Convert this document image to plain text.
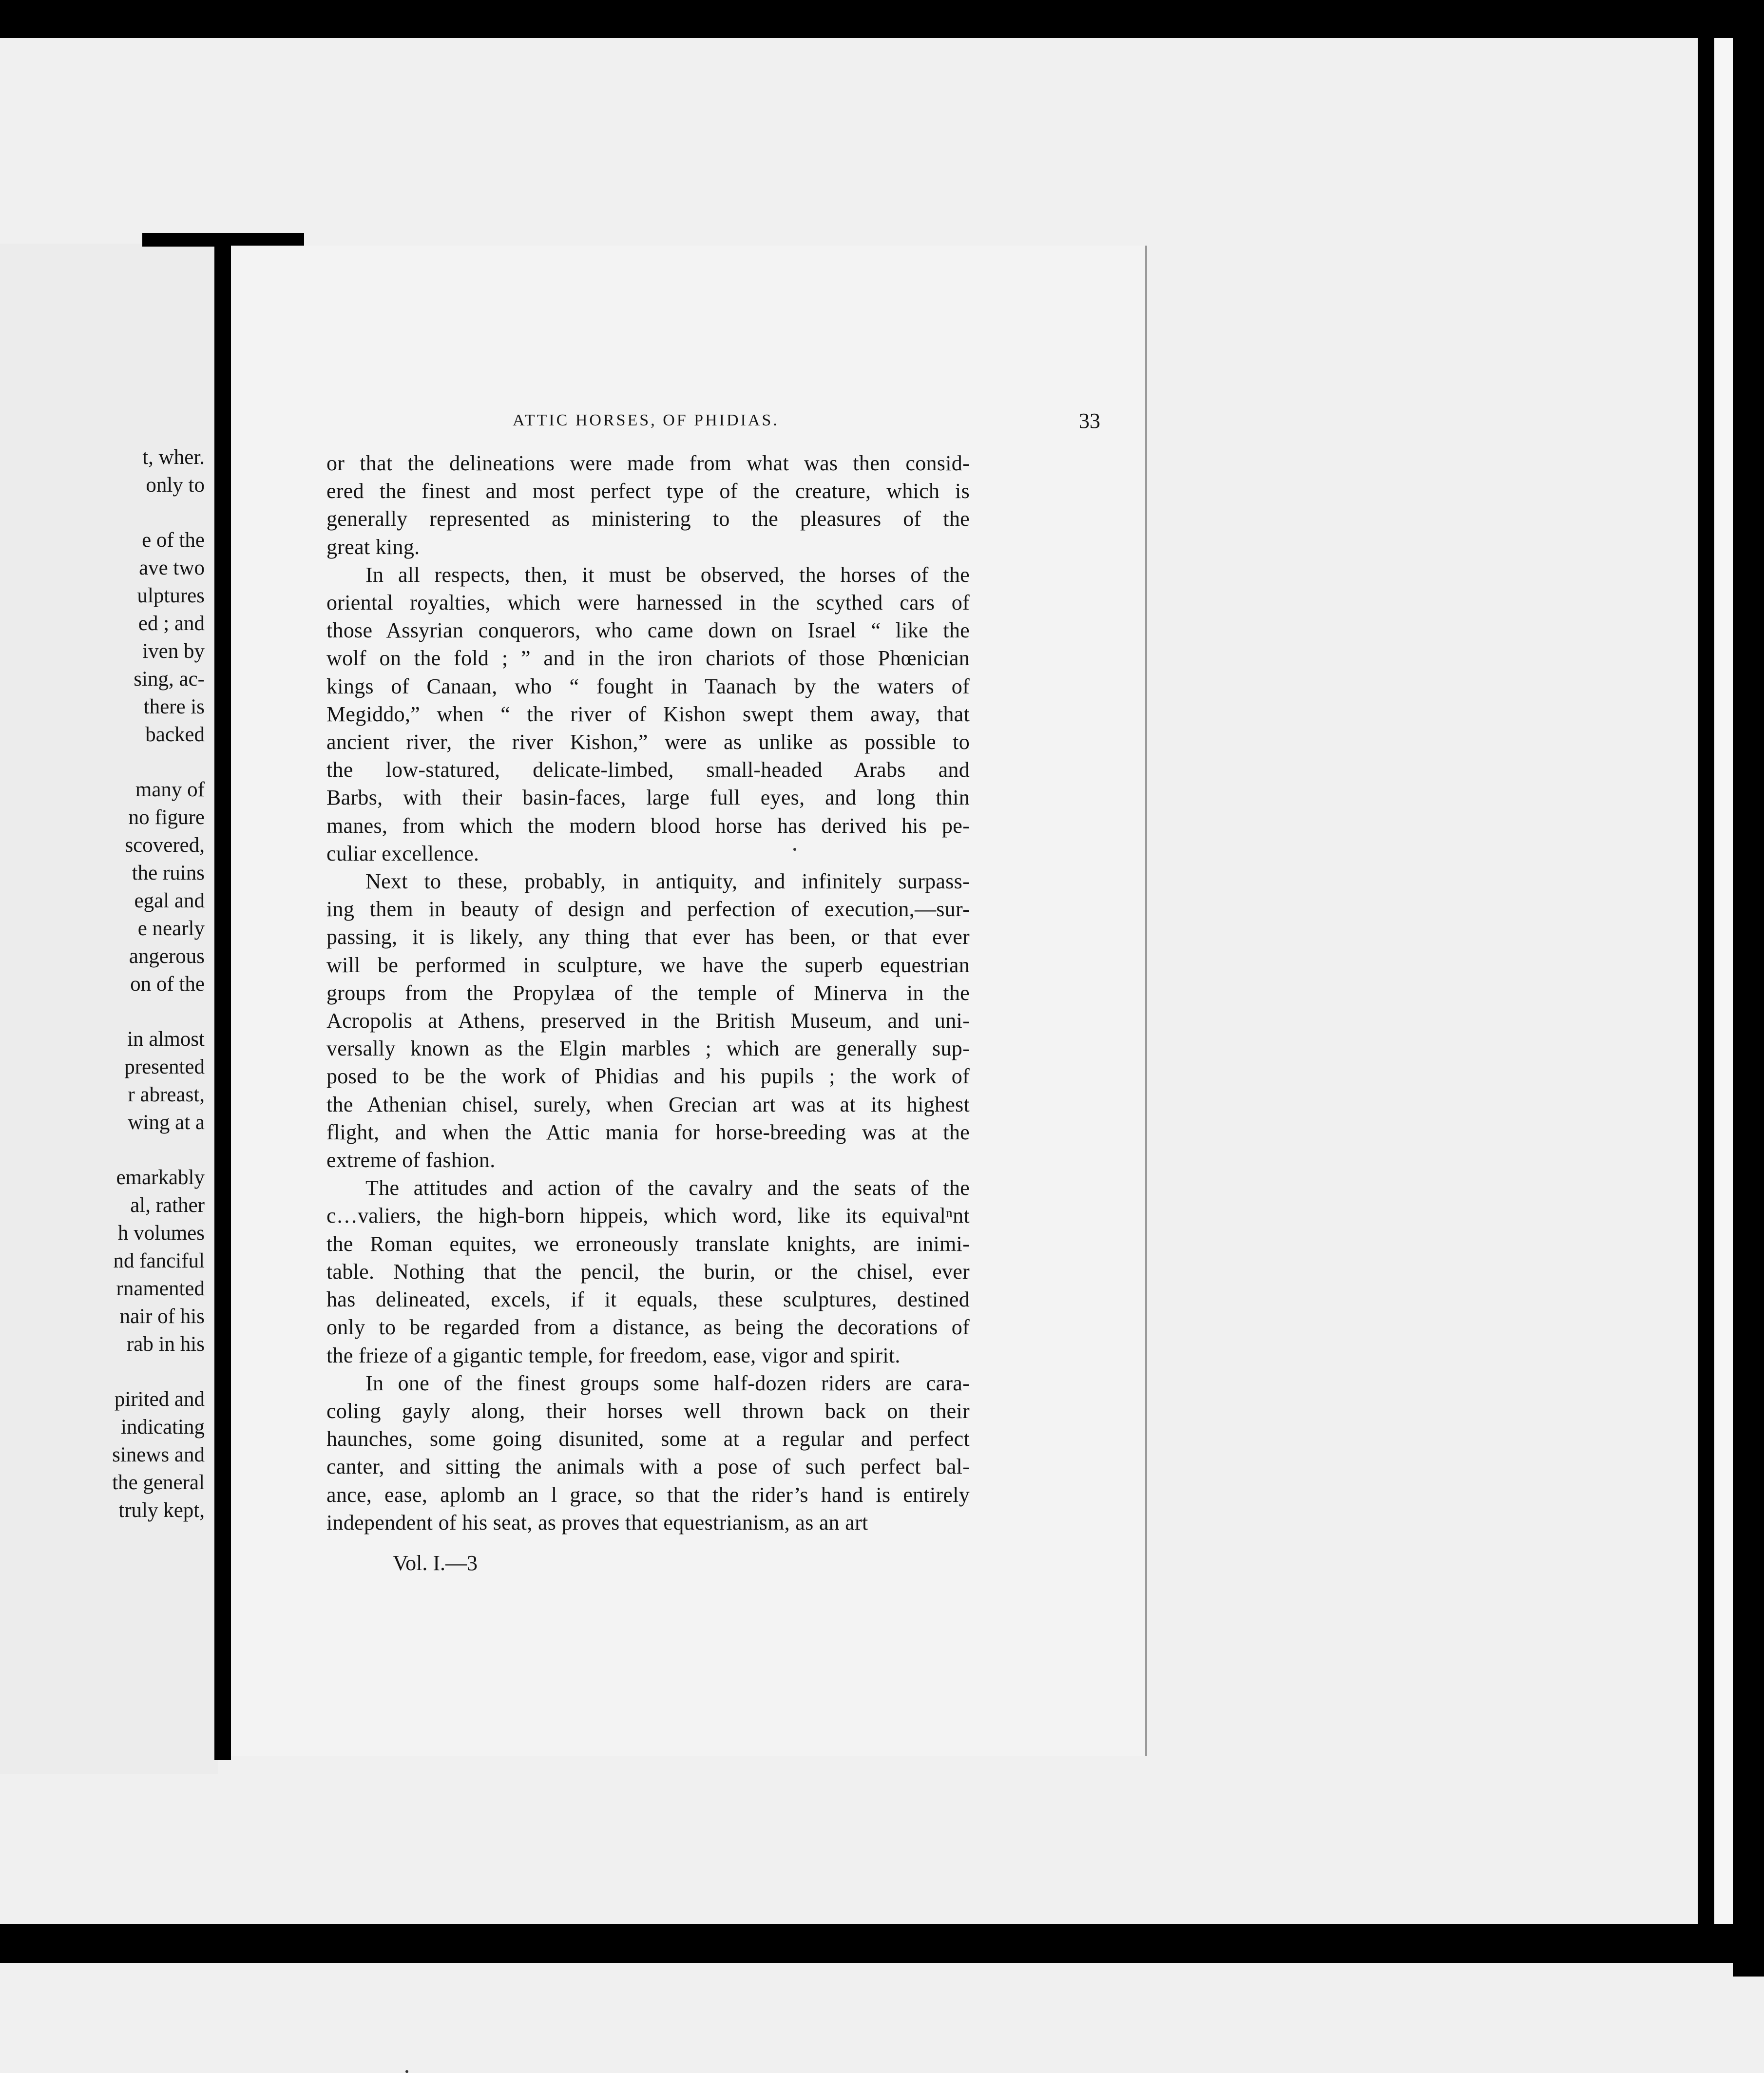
t, wher.
only to
e of the
ave two
ulptures
ed ; and
iven by
sing, ac-
there is
backed
many of
no figure
scovered,
the ruins
egal and
e nearly
angerous
on of the
in almost
presented
r abreast,
wing at a
emarkably
al, rather
h volumes
nd fanciful
rnamented
nair of his
rab in his
pirited and
indicating
sinews and
the general
truly kept,
ATTIC HORSES, OF PHIDIAS.	33
or that the delineations were made from what was then consid-
ered the finest and most perfect type of the creature, which is
generally represented as ministering to the pleasures of the
great king.
In all respects, then, it must be observed, the horses of the
oriental royalties, which were harnessed in the scythed cars of
those Assyrian conquerors, who came down on Israel “ like the
wolf on the fold ; ” and in the iron chariots of those Phœnician
kings of Canaan, who “ fought in Taanach by the waters of
Megiddo,” when “ the river of Kishon swept them away, that
ancient river, the river Kishon,” were as unlike as possible to
the low-statured, delicate-limbed, small-headed Arabs and
Barbs, with their basin-faces, large full eyes, and long thin
manes, from which the modern blood horse has derived his pe-
culiar excellence.
Next to these, probably, in antiquity, and infinitely surpass-
ing them in beauty of design and perfection of execution,—sur-
passing, it is likely, any thing that ever has been, or that ever
will be performed in sculpture, we have the superb equestrian
groups from the Propylæa of the temple of Minerva in the
Acropolis at Athens, preserved in the British Museum, and uni-
versally known as the Elgin marbles ; which are generally sup-
posed to be the work of Phidias and his pupils ; the work of
the Athenian chisel, surely, when Grecian art was at its highest
flight, and when the Attic mania for horse-breeding was at the
extreme of fashion.
The attitudes and action of the cavalry and the seats of the
c…valiers, the high-born hippeis, which word, like its equivalⁿnt
the Roman equites, we erroneously translate knights, are inimi-
table. Nothing that the pencil, the burin, or the chisel, ever
has delineated, excels, if it equals, these sculptures, destined
only to be regarded from a distance, as being the decorations of
the frieze of a gigantic temple, for freedom, ease, vigor and spirit.
In one of the finest groups some half-dozen riders are cara-
coling gayly along, their horses well thrown back on their
haunches, some going disunited, some at a regular and perfect
canter, and sitting the animals with a pose of such perfect bal-
ance, ease, aplomb an l grace, so that the rider’s hand is entirely
independent of his seat, as proves that equestrianism, as an art
Vol. I.—3
